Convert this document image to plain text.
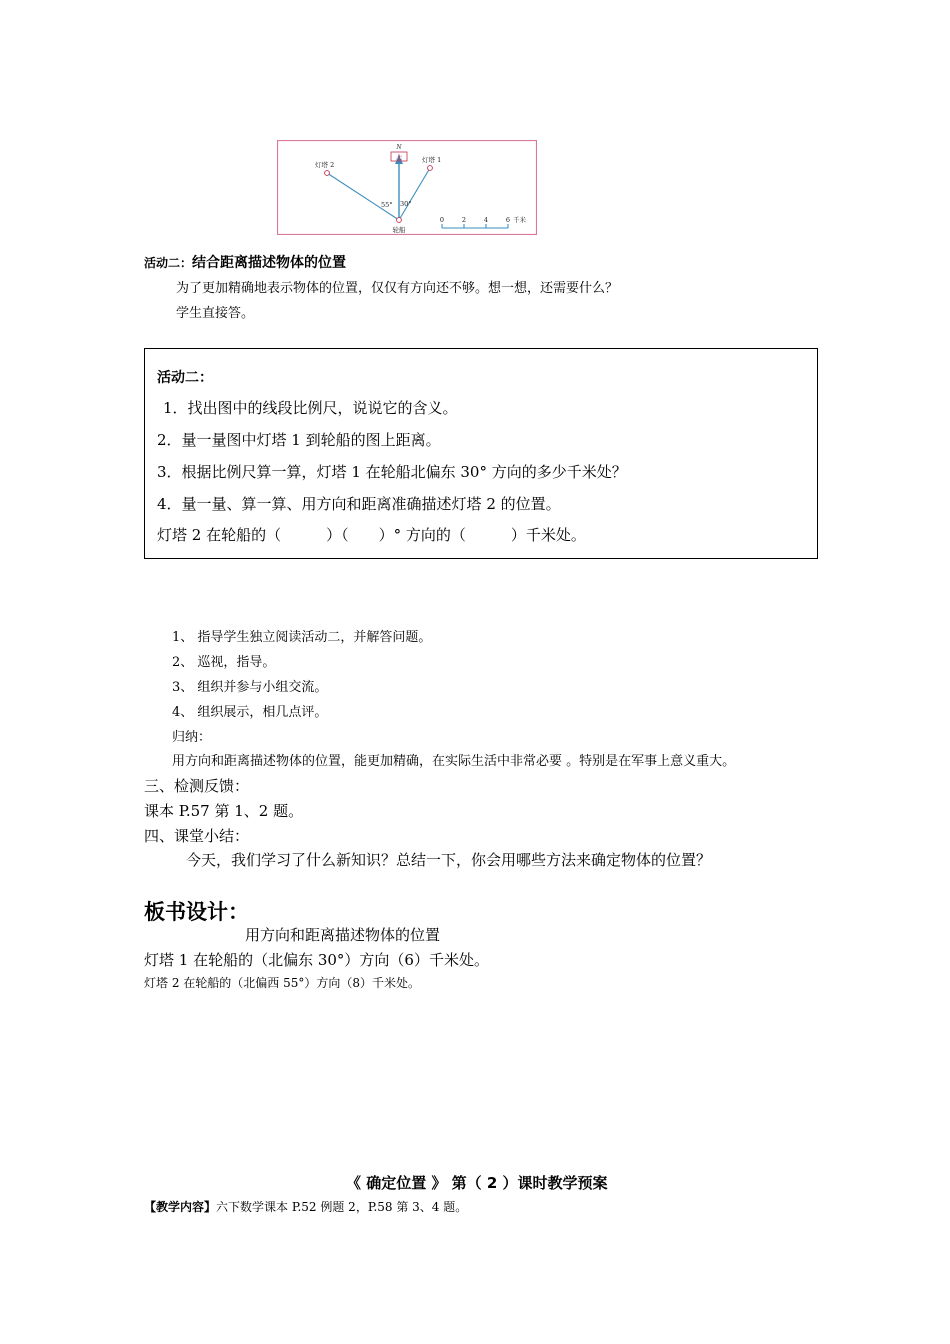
北
N
灯塔 2
灯塔 1
轮船
55° 30°
0	2	4	6 千米
活动二：结合距离描述物体的位置
为了更加精确地表示物体的位置，仅仅有方向还不够。想一想，还需要什么？
学生直接答。
活动二：
1．找出图中的线段比例尺，说说它的含义。
2．量一量图中灯塔 1 到轮船的图上距离。
3．根据比例尺算一算，灯塔 1 在轮船北偏东 30° 方向的多少千米处？
4．量一量、算一算、用方向和距离准确描述灯塔 2 的位置。
灯塔 2 在轮船的（　　　）（　　）° 方向的（　　　）千米处。
1、 指导学生独立阅读活动二，并解答问题。
2、 巡视，指导。
3、 组织并参与小组交流。
4、 组织展示，相几点评。
归纳：
用方向和距离描述物体的位置，能更加精确，在实际生活中非常必要 。特别是在军事上意义重大。
三、检测反馈：
课本 P.57 第 1、2 题。
四、课堂小结：
今天，我们学习了什么新知识？总结一下，你会用哪些方法来确定物体的位置？
板书设计：
用方向和距离描述物体的位置
灯塔 1 在轮船的（北偏东 30°）方向（6）千米处。
灯塔 2 在轮船的（北偏西 55°）方向（8）千米处。
《 确定位置 》 第（ 2 ）课时教学预案
【教学内容】六下数学课本 P.52 例题 2，P.58 第 3、4 题。
